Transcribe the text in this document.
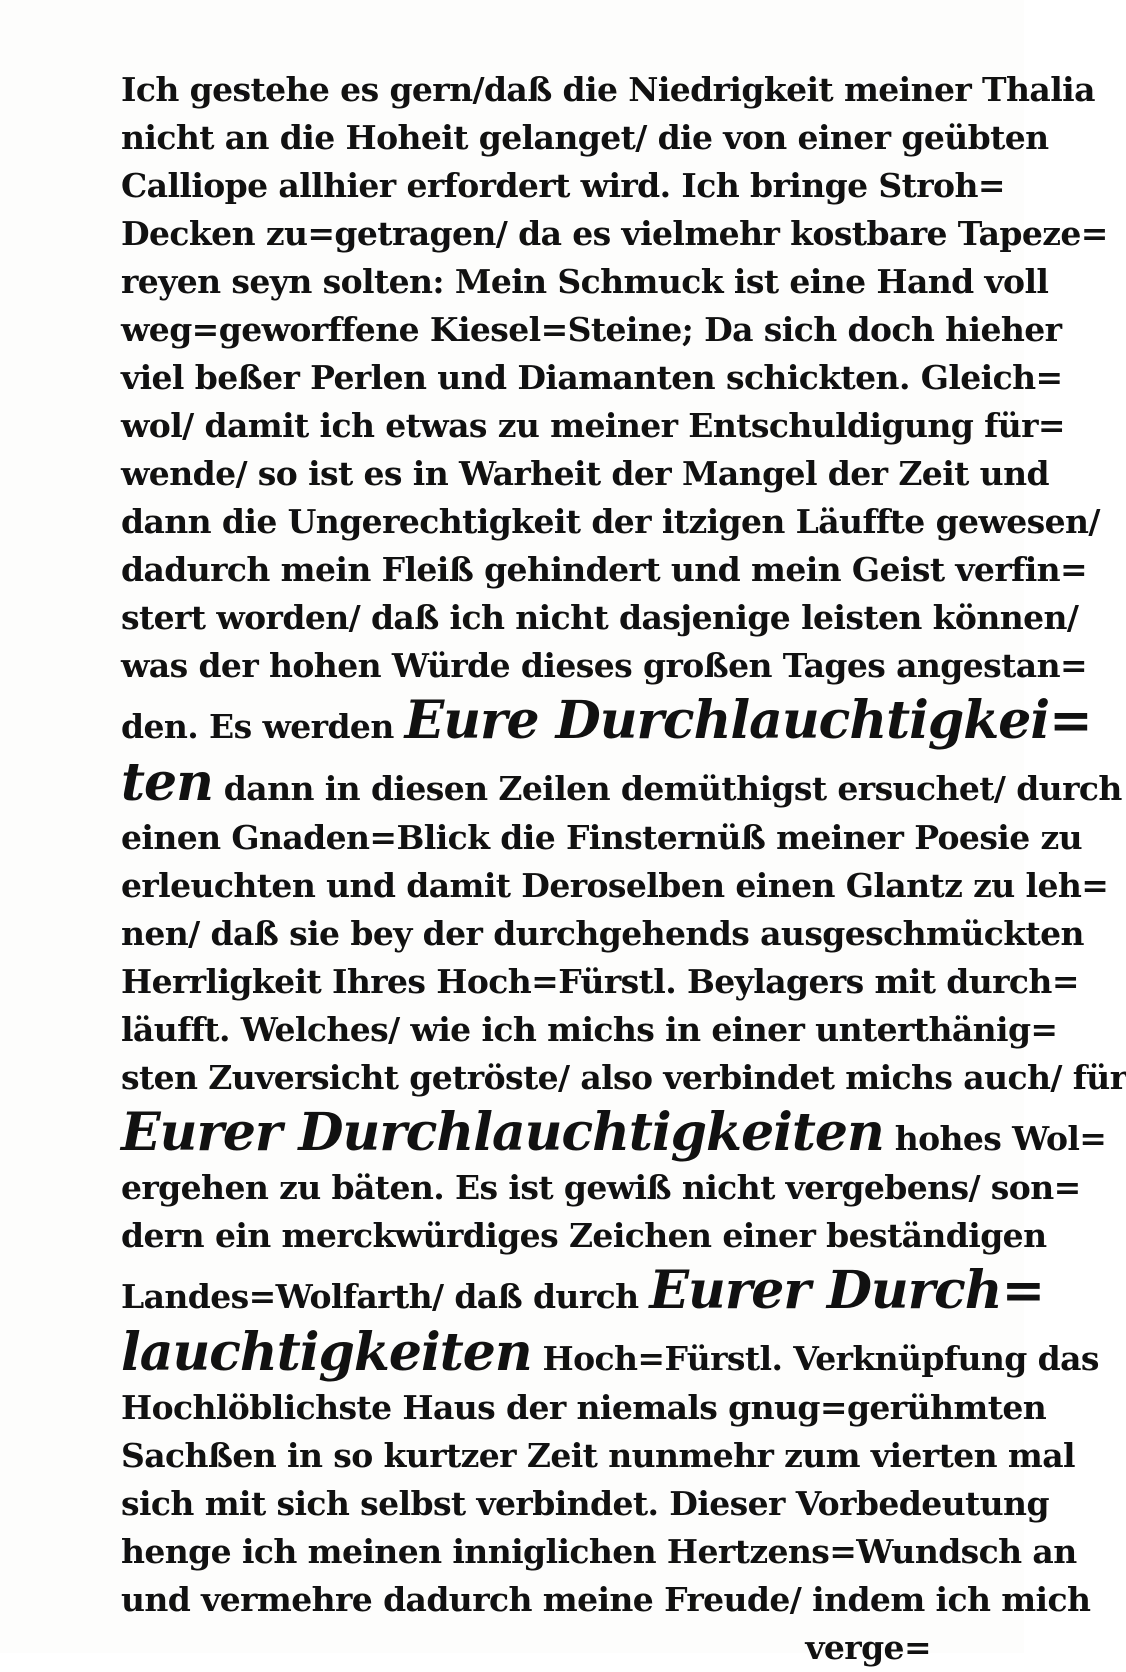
Ich gestehe es gern/daß die Niedrigkeit meiner Thalia
nicht an die Hoheit gelanget/ die von einer geübten
Calliope allhier erfordert wird. Ich bringe Stroh=
Decken zu=getragen/ da es vielmehr kostbare Tapeze=
reyen seyn solten: Mein Schmuck ist eine Hand voll
weg=geworffene Kiesel=Steine; Da sich doch hieher
viel beßer Perlen und Diamanten schickten. Gleich=
wol/ damit ich etwas zu meiner Entschuldigung für=
wende/ so ist es in Warheit der Mangel der Zeit und
dann die Ungerechtigkeit der itzigen Läuffte gewesen/
dadurch mein Fleiß gehindert und mein Geist verfin=
stert worden/ daß ich nicht dasjenige leisten können/
was der hohen Würde dieses großen Tages angestan=
den. Es werden Eure Durchlauchtigkei=
ten dann in diesen Zeilen demüthigst ersuchet/ durch
einen Gnaden=Blick die Finsternüß meiner Poesie zu
erleuchten und damit Deroselben einen Glantz zu leh=
nen/ daß sie bey der durchgehends ausgeschmückten
Herrligkeit Ihres Hoch=Fürstl. Beylagers mit durch=
läufft. Welches/ wie ich michs in einer unterthänig=
sten Zuversicht getröste/ also verbindet michs auch/ für
Eurer Durchlauchtigkeiten hohes Wol=
ergehen zu bäten. Es ist gewiß nicht vergebens/ son=
dern ein merckwürdiges Zeichen einer beständigen
Landes=Wolfarth/ daß durch Eurer Durch=
lauchtigkeiten Hoch=Fürstl. Verknüpfung das
Hochlöblichste Haus der niemals gnug=gerühmten
Sachßen in so kurtzer Zeit nunmehr zum vierten mal
sich mit sich selbst verbindet. Dieser Vorbedeutung
henge ich meinen inniglichen Hertzens=Wundsch an
und vermehre dadurch meine Freude/ indem ich mich
verge=
